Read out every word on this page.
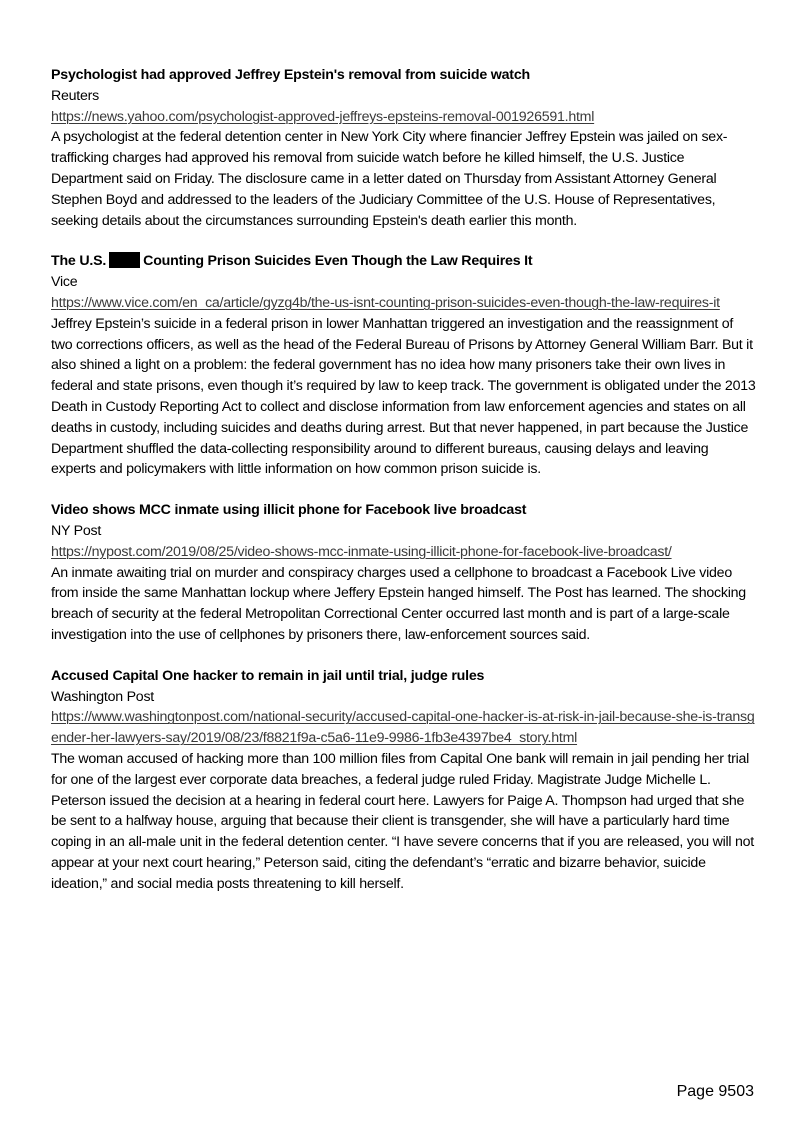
Psychologist had approved Jeffrey Epstein's removal from suicide watch
Reuters
https://news.yahoo.com/psychologist-approved-jeffreys-epsteins-removal-001926591.html
A psychologist at the federal detention center in New York City where financier Jeffrey Epstein was jailed on sex-trafficking charges had approved his removal from suicide watch before he killed himself, the U.S. Justice Department said on Friday. The disclosure came in a letter dated on Thursday from Assistant Attorney General Stephen Boyd and addressed to the leaders of the Judiciary Committee of the U.S. House of Representatives, seeking details about the circumstances surrounding Epstein's death earlier this month.
The U.S.	Counting Prison Suicides Even Though the Law Requires It
Vice
https://www.vice.com/en_ca/article/gyzg4b/the-us-isnt-counting-prison-suicides-even-though-the-law-requires-it
Jeffrey Epstein’s suicide in a federal prison in lower Manhattan triggered an investigation and the reassignment of two corrections officers, as well as the head of the Federal Bureau of Prisons by Attorney General William Barr. But it also shined a light on a problem: the federal government has no idea how many prisoners take their own lives in federal and state prisons, even though it’s required by law to keep track. The government is obligated under the 2013 Death in Custody Reporting Act to collect and disclose information from law enforcement agencies and states on all deaths in custody, including suicides and deaths during arrest. But that never happened, in part because the Justice Department shuffled the data-collecting responsibility around to different bureaus, causing delays and leaving experts and policymakers with little information on how common prison suicide is.
Video shows MCC inmate using illicit phone for Facebook live broadcast
NY Post
https://nypost.com/2019/08/25/video-shows-mcc-inmate-using-illicit-phone-for-facebook-live-broadcast/
An inmate awaiting trial on murder and conspiracy charges used a cellphone to broadcast a Facebook Live video from inside the same Manhattan lockup where Jeffery Epstein hanged himself. The Post has learned. The shocking breach of security at the federal Metropolitan Correctional Center occurred last month and is part of a large-scale investigation into the use of cellphones by prisoners there, law-enforcement sources said.
Accused Capital One hacker to remain in jail until trial, judge rules
Washington Post
https://www.washingtonpost.com/national-security/accused-capital-one-hacker-is-at-risk-in-jail-because-she-is-transgender-her-lawyers-say/2019/08/23/f8821f9a-c5a6-11e9-9986-1fb3e4397be4_story.html
The woman accused of hacking more than 100 million files from Capital One bank will remain in jail pending her trial for one of the largest ever corporate data breaches, a federal judge ruled Friday. Magistrate Judge Michelle L. Peterson issued the decision at a hearing in federal court here. Lawyers for Paige A. Thompson had urged that she be sent to a halfway house, arguing that because their client is transgender, she will have a particularly hard time coping in an all-male unit in the federal detention center. “I have severe concerns that if you are released, you will not appear at your next court hearing,” Peterson said, citing the defendant’s “erratic and bizarre behavior, suicide ideation,” and social media posts threatening to kill herself.
Page 9503
